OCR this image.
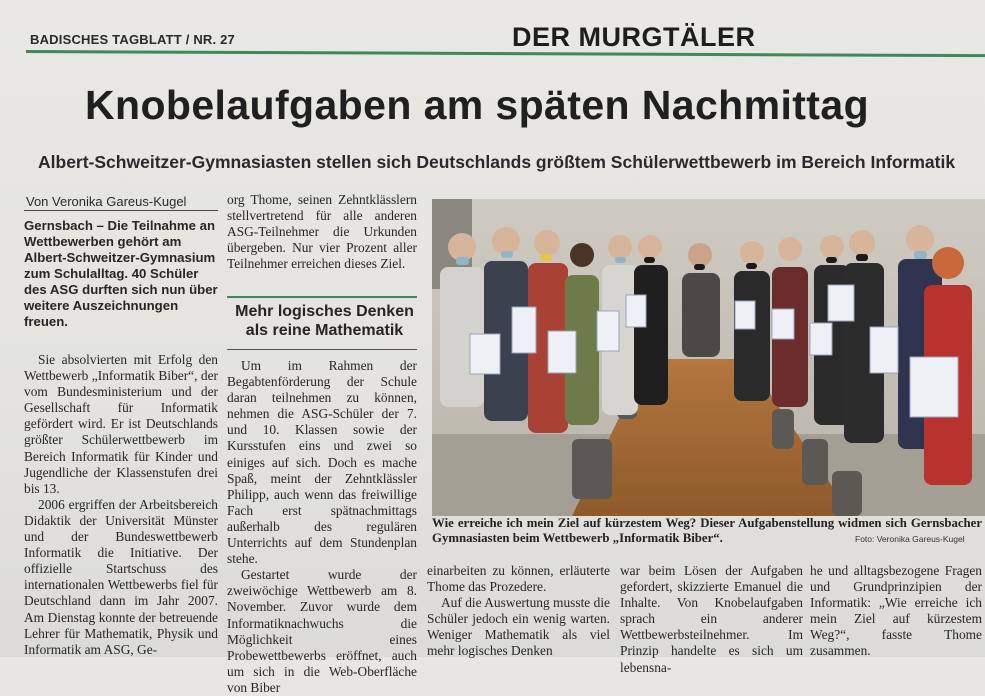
BADISCHES TAGBLATT / NR. 27	DER MURGTÄLER
Knobelaufgaben am späten Nachmittag
Albert-Schweitzer-Gymnasiasten stellen sich Deutschlands größtem Schülerwettbewerb im Bereich Informatik
Von Veronika Gareus-Kugel

Gernsbach – Die Teilnahme an Wettbewerben gehört am Albert-Schweitzer-Gymnasium zum Schulalltag. 40 Schüler des ASG durften sich nun über weitere Auszeichnungen freuen.

Sie absolvierten mit Erfolg den Wettbewerb „Informatik Biber“, der vom Bundesministerium und der Gesellschaft für Informatik gefördert wird. Er ist Deutschlands größter Schülerwettbewerb im Bereich Informatik für Kinder und Jugendliche der Klassenstufen drei bis 13.

2006 ergriffen der Arbeitsbereich Didaktik der Universität Münster und der Bundeswettbewerb Informatik die Initiative. Der offizielle Startschuss des internationalen Wettbewerbs fiel für Deutschland dann im Jahr 2007. Am Dienstag konnte der betreuende Lehrer für Mathematik, Physik und Informatik am ASG, Ge-

org Thome, seinen Zehntklässlern stellvertretend für alle anderen ASG-Teilnehmer die Urkunden übergeben. Nur vier Prozent aller Teilnehmer erreichen dieses Ziel.

Mehr logisches Denken als reine Mathematik

Um im Rahmen der Begabtenförderung der Schule daran teilnehmen zu können, nehmen die ASG-Schüler der 7. und 10. Klassen sowie der Kursstufen eins und zwei so einiges auf sich. Doch es mache Spaß, meint der Zehntklässler Philipp, auch wenn das freiwillige Fach erst spätnachmittags außerhalb des regulären Unterrichts auf dem Stundenplan stehe.

Gestartet wurde der zweiwöchige Wettbewerb am 8. November. Zuvor wurde dem Informatiknachwuchs die Möglichkeit eines Probewettbewerbs eröffnet, auch um sich in die Web-Oberfläche von Biber

Wie erreiche ich mein Ziel auf kürzestem Weg? Dieser Aufgabenstellung widmen sich Gernsbacher Gymnasiasten beim Wettbewerb „Informatik Biber“.	Foto: Veronika Gareus-Kugel

einarbeiten zu können, erläuterte Thome das Prozedere.

Auf die Auswertung musste die Schüler jedoch ein wenig warten. Weniger Mathematik als viel mehr logisches Denken

war beim Lösen der Aufgaben gefordert, skizzierte Emanuel die Inhalte. Von Knobelaufgaben sprach ein anderer Wettbewerbsteilnehmer. Im Prinzip handelte es sich um lebensna-

he und alltagsbezogene Fragen und Grundprinzipien der Informatik: „Wie erreiche ich mein Ziel auf kürzestem Weg?“, fasste Thome zusammen.
